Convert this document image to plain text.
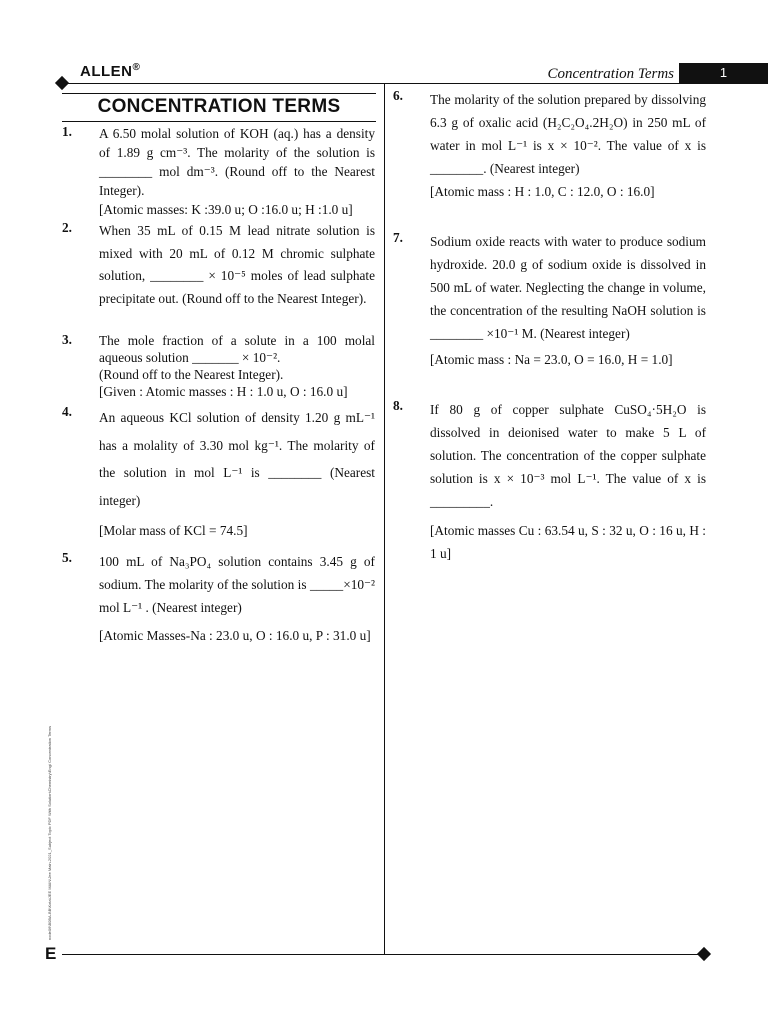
ALLEN®	Concentration Terms	1
CONCENTRATION TERMS
1. A 6.50 molal solution of KOH (aq.) has a density of 1.89 g cm⁻³. The molarity of the solution is ________ mol dm⁻³. (Round off to the Nearest Integer).

[Atomic masses: K :39.0 u; O :16.0 u; H :1.0 u]

2. When 35 mL of 0.15 M lead nitrate solution is mixed with 20 mL of 0.12 M chromic sulphate solution, ________ × 10⁻⁵ moles of lead sulphate precipitate out. (Round off to the Nearest Integer).

3. The mole fraction of a solute in a 100 molal aqueous solution _______ × 10⁻².

(Round off to the Nearest Integer).

[Given : Atomic masses : H : 1.0 u, O : 16.0 u]

4. An aqueous KCl solution of density 1.20 g mL⁻¹ has a molality of 3.30 mol kg⁻¹. The molarity of the solution in mol L⁻¹ is ________ (Nearest integer)

[Molar mass of KCl = 74.5]

5. 100 mL of Na₃PO₄ solution contains 3.45 g of sodium. The molarity of the solution is _____×10⁻² mol L⁻¹ . (Nearest integer)

[Atomic Masses-Na : 23.0 u, O : 16.0 u, P : 31.0 u]

6. The molarity of the solution prepared by dissolving 6.3 g of oxalic acid (H₂C₂O₄.2H₂O) in 250 mL of water in mol L⁻¹ is x × 10⁻². The value of x is ________. (Nearest integer)

[Atomic mass : H : 1.0, C : 12.0, O : 16.0]

7. Sodium oxide reacts with water to produce sodium hydroxide. 20.0 g of sodium oxide is dissolved in 500 mL of water. Neglecting the change in volume, the concentration of the resulting NaOH solution is ________ ×10⁻¹ M. (Nearest integer)

[Atomic mass : Na = 23.0, O = 16.0, H = 1.0]

8. If 80 g of copper sulphate CuSO₄·5H₂O is dissolved in deionised water to make 5 L of solution. The concentration of the copper sulphate solution is x × 10⁻³ mol L⁻¹. The value of x is _________.

[Atomic masses Cu : 63.54 u, S : 32 u, O : 16 u, H : 1 u]

node06\B0BA-BB\Kota\JEE MAIN\Jee Main-2021_Subject Topic PDF With Solution\Chemistry\Eng\ Concentration Terms
E
